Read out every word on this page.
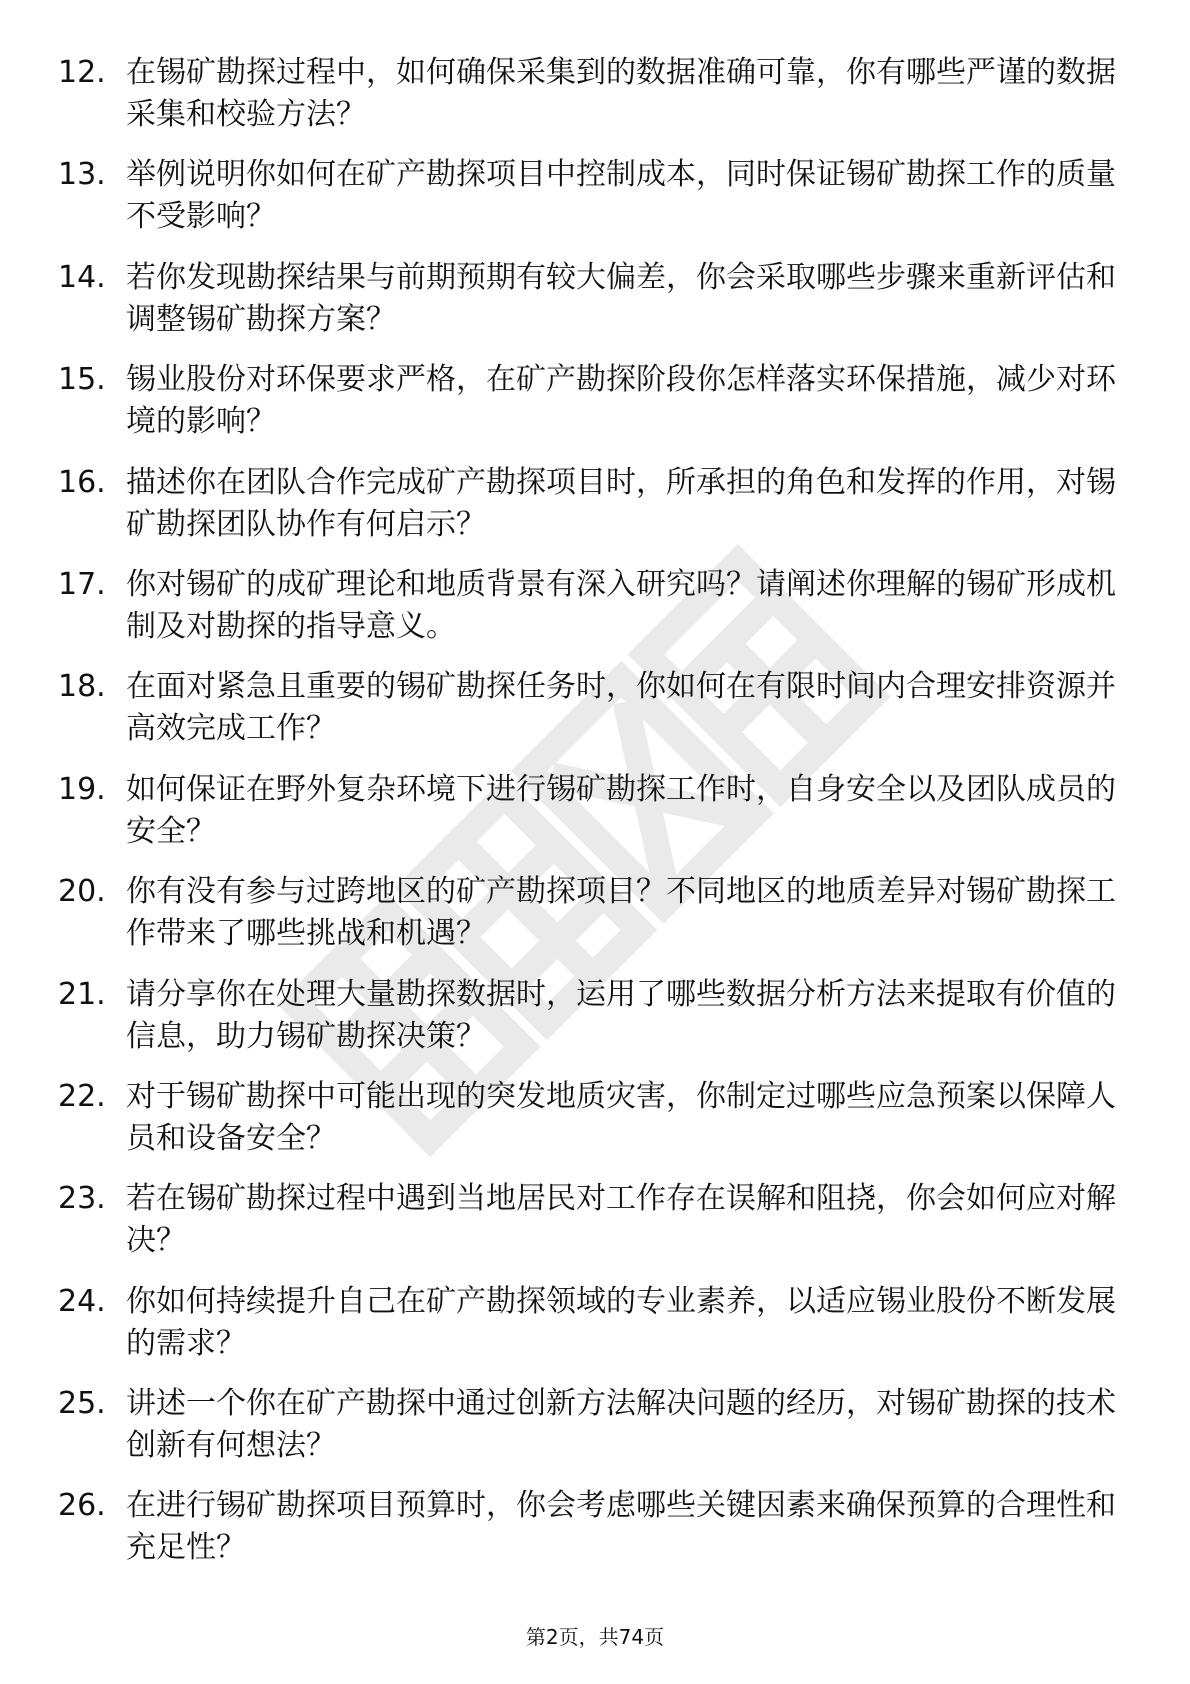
12. 在锡矿勘探过程中，如何确保采集到的数据准确可靠，你有哪些严谨的数据采集和校验方法？
13. 举例说明你如何在矿产勘探项目中控制成本，同时保证锡矿勘探工作的质量不受影响？
14. 若你发现勘探结果与前期预期有较大偏差，你会采取哪些步骤来重新评估和调整锡矿勘探方案？
15. 锡业股份对环保要求严格，在矿产勘探阶段你怎样落实环保措施，减少对环境的影响？
16. 描述你在团队合作完成矿产勘探项目时，所承担的角色和发挥的作用，对锡矿勘探团队协作有何启示？
17. 你对锡矿的成矿理论和地质背景有深入研究吗？请阐述你理解的锡矿形成机制及对勘探的指导意义。
18. 在面对紧急且重要的锡矿勘探任务时，你如何在有限时间内合理安排资源并高效完成工作？
19. 如何保证在野外复杂环境下进行锡矿勘探工作时，自身安全以及团队成员的安全？
20. 你有没有参与过跨地区的矿产勘探项目？不同地区的地质差异对锡矿勘探工作带来了哪些挑战和机遇？
21. 请分享你在处理大量勘探数据时，运用了哪些数据分析方法来提取有价值的信息，助力锡矿勘探决策？
22. 对于锡矿勘探中可能出现的突发地质灾害，你制定过哪些应急预案以保障人员和设备安全？
23. 若在锡矿勘探过程中遇到当地居民对工作存在误解和阻挠，你会如何应对解决？
24. 你如何持续提升自己在矿产勘探领域的专业素养，以适应锡业股份不断发展的需求？
25. 讲述一个你在矿产勘探中通过创新方法解决问题的经历，对锡矿勘探的技术创新有何想法？
26. 在进行锡矿勘探项目预算时，你会考虑哪些关键因素来确保预算的合理性和充足性？
第2页，共74页
